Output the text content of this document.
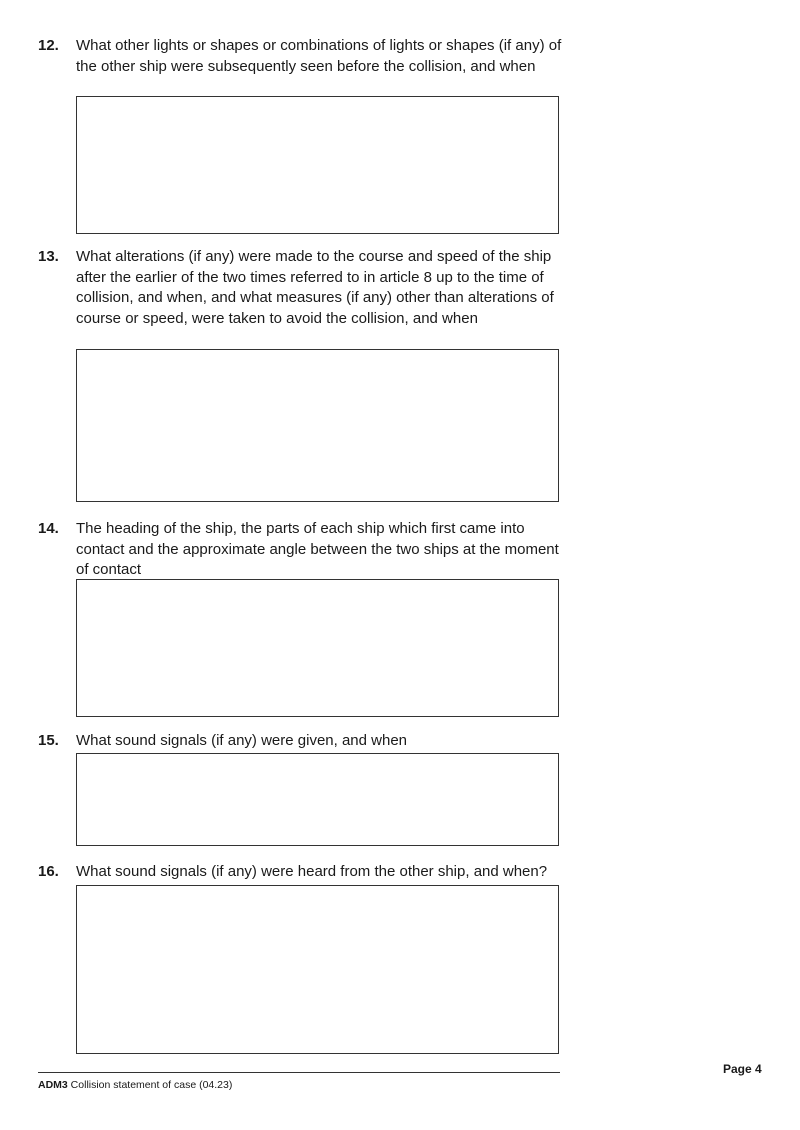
12. What other lights or shapes or combinations of lights or shapes (if any) of the other ship were subsequently seen before the collision, and when
13. What alterations (if any) were made to the course and speed of the ship after the earlier of the two times referred to in article 8 up to the time of collision, and when, and what measures (if any) other than alterations of course or speed, were taken to avoid the collision, and when
14. The heading of the ship, the parts of each ship which first came into contact and the approximate angle between the two ships at the moment of contact
15. What sound signals (if any) were given, and when
16. What sound signals (if any) were heard from the other ship, and when?
Page 4
ADM3 Collision statement of case (04.23)
